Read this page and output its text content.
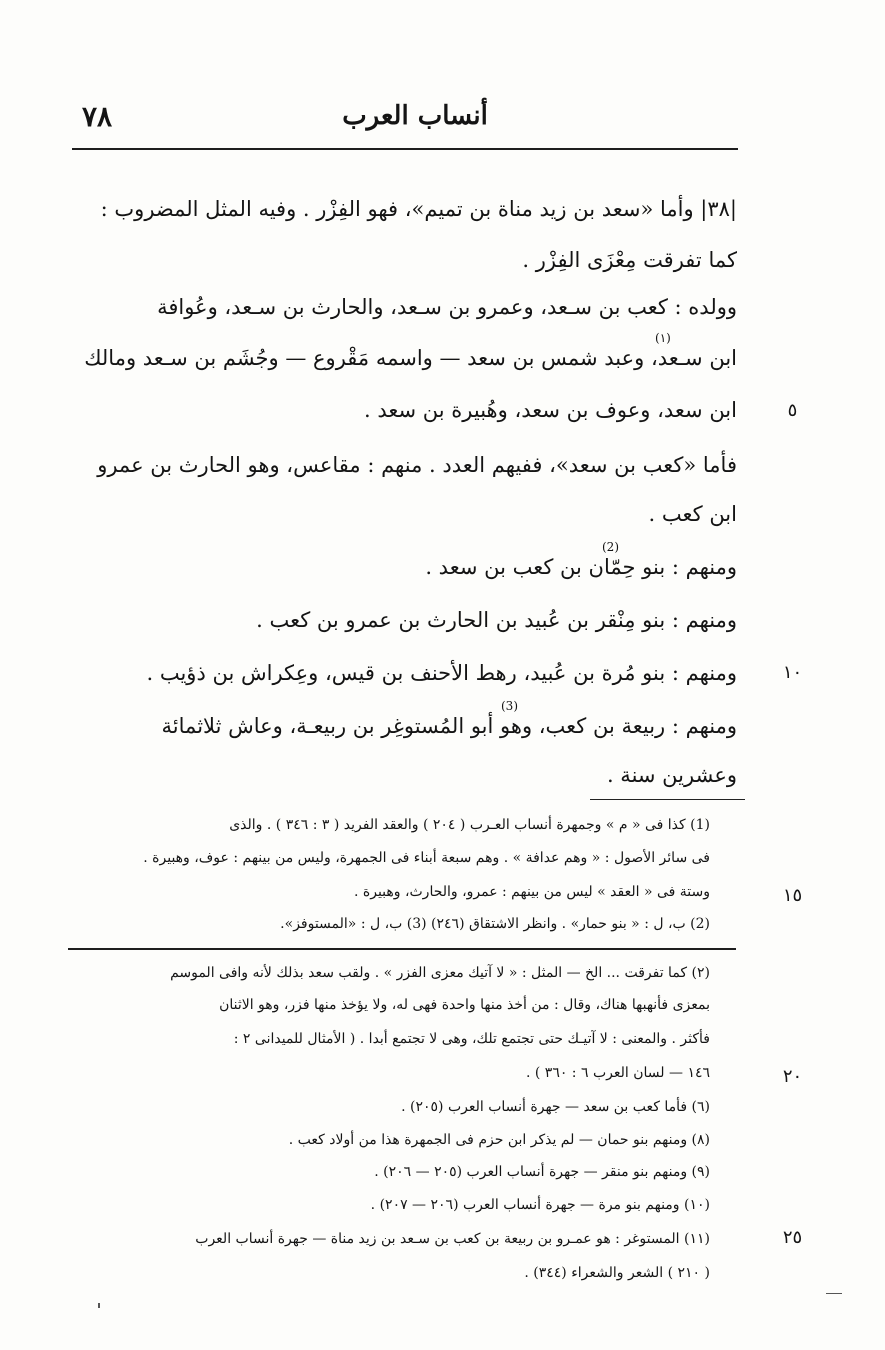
٧٨	أنساب العرب
|٣٨| وأما «سعد بن زيد مناة بن تميم»، فهو الفِزْر . وفيه المثل المضروب :
كما تفرقت مِعْزَى الفِزْر .
وولده : كعب بن سـعد، وعمرو بن سـعد، والحارث بن سـعد، وعُوافة
ابن سـعد، وعبد شمس بن سعد — واسمه مَقْروع — وجُشَم بن سـعد ومالك
ابن سعد، وعوف بن سعد، وهُبيرة بن سعد .
فأما «كعب بن سعد»، ففيهم العدد . منهم : مقاعس، وهو الحارث بن عمرو
ابن كعب .
ومنهم : بنو حِمّان بن كعب بن سعد .
ومنهم : بنو مِنْقر بن عُبيد بن الحارث بن عمرو بن كعب .
ومنهم : بنو مُرة بن عُبيد، رهط الأحنف بن قيس، وعِكراش بن ذؤيب .
ومنهم : ربيعة بن كعب، وهو أبو المُستوغِر بن ربيعـة، وعاش ثلاثمائة
وعشرين سنة .
(١)
(2)
(3)
٥
١٠
١٥
٢٠
٢٥
(1) كذا فى « م » وجمهرة أنساب العـرب ( ٢٠٤ ) والعقد الفريد ( ٣ : ٣٤٦ ) . والذى
فى سائر الأصول : « وهم عدافة » . وهم سبعة أبناء فى الجمهرة، وليس من بينهم : عوف، وهبيرة .
وستة فى « العقد » ليس من بينهم : عمرو، والحارث، وهبيرة .
(2) ب، ل : « بنو حمار» . وانظر الاشتقاق (٢٤٦) (3) ب، ل : «المستوفز».
(٢) كما تفرقت ... الخ — المثل : « لا آتيك معزى الفزر » . ولقب سعد بذلك لأنه وافى الموسم
بمعزى فأنهبها هناك، وقال : من أخذ منها واحدة فهى له، ولا يؤخذ منها فزر، وهو الاثنان
فأكثر . والمعنى : لا آتيـك حتى تجتمع تلك، وهى لا تجتمع أبدا . ( الأمثال للميدانى ٢ :
١٤٦ — لسان العرب ٦ : ٣٦٠ ) .
(٦) فأما كعب بن سعد — جهرة أنساب العرب (٢٠٥) .
(٨) ومنهم بنو حمان — لم يذكر ابن حزم فى الجمهرة هذا من أولاد كعب .
(٩) ومنهم بنو منقر — جهرة أنساب العرب (٢٠٥ — ٢٠٦) .
(١٠) ومنهم بنو مرة — جهرة أنساب العرب (٢٠٦ — ٢٠٧) .
(١١) المستوغر : هو عمـرو بن ربيعة بن كعب بن سـعد بن زيد مناة — جهرة أنساب العرب
( ٢١٠ ) الشعر والشعراء (٣٤٤) .
